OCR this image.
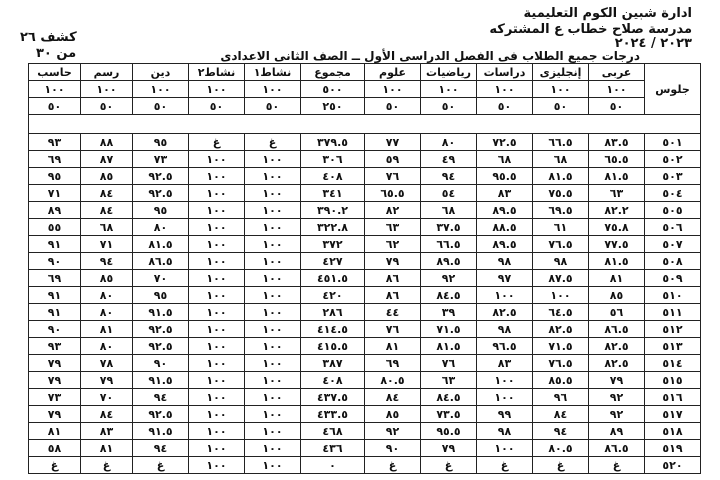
ادارة شبين الكوم التعليمية
مدرسة صلاح خطاب ع المشتركه
٢٠٢٣ / ٢٠٢٤
درجات جميع الطلاب فى الفصل الدراسى الأول ــ الصف الثانى الاعدادى
كشف ٢٦
من ٣٠
جلوس	عربى	إنجليزى	دراسات	رياضيات	علوم	مجموع	نشاط١	نشاط٢	دين	رسم	حاسب
	١٠٠	١٠٠	١٠٠	١٠٠	١٠٠	٥٠٠	١٠٠	١٠٠	١٠٠	١٠٠	١٠٠
	٥٠	٥٠	٥٠	٥٠	٥٠	٢٥٠	٥٠	٥٠	٥٠	٥٠	٥٠

٥٠١	٨٣.٥	٦٦.٥	٧٢.٥	٨٠	٧٧	٣٧٩.٥	غ	غ	٩٥	٨٨	٩٣
٥٠٢	٦٥.٥	٦٨	٦٨	٤٩	٥٩	٣٠٦	١٠٠	١٠٠	٧٣	٨٧	٦٩
٥٠٣	٨١.٥	٨١.٥	٩٥.٥	٩٤	٧٦	٤٠٨	١٠٠	١٠٠	٩٢.٥	٨٥	٩٥
٥٠٤	٦٣	٧٥.٥	٨٣	٥٤	٦٥.٥	٣٤١	١٠٠	١٠٠	٩٢.٥	٨٤	٧١
٥٠٥	٨٢.٢	٦٩.٥	٨٩.٥	٦٨	٨٢	٣٩٠.٢	١٠٠	١٠٠	٩٥	٨٤	٨٩
٥٠٦	٧٥.٨	٦١	٨٨.٥	٣٧.٥	٦٣	٣٢٢.٨	١٠٠	١٠٠	٨٠	٦٨	٥٥
٥٠٧	٧٧.٥	٧٦.٥	٨٩.٥	٦٦.٥	٦٢	٣٧٢	١٠٠	١٠٠	٨١.٥	٧١	٩١
٥٠٨	٨١.٥	٩٨	٩٨	٨٩.٥	٧٩	٤٢٧	١٠٠	١٠٠	٨٦.٥	٩٤	٩٠
٥٠٩	٨١	٨٧.٥	٩٧	٩٢	٨٦	٤٥١.٥	١٠٠	١٠٠	٧٠	٨٥	٦٩
٥١٠	٨٥	١٠٠	١٠٠	٨٤.٥	٨٦	٤٢٠	١٠٠	١٠٠	٩٥	٨٠	٩١
٥١١	٥٦	٦٤.٥	٨٢.٥	٣٩	٤٤	٢٨٦	١٠٠	١٠٠	٩١.٥	٨٠	٩١
٥١٢	٨٦.٥	٨٢.٥	٩٨	٧١.٥	٧٦	٤١٤.٥	١٠٠	١٠٠	٩٢.٥	٨١	٩٠
٥١٣	٨٢.٥	٧١.٥	٩٦.٥	٨١.٥	٨١	٤١٥.٥	١٠٠	١٠٠	٩٢.٥	٨٠	٩٣
٥١٤	٨٢.٥	٧٦.٥	٨٣	٧٦	٦٩	٣٨٧	١٠٠	١٠٠	٩٠	٧٨	٧٩
٥١٥	٧٩	٨٥.٥	١٠٠	٦٣	٨٠.٥	٤٠٨	١٠٠	١٠٠	٩١.٥	٧٩	٧٩
٥١٦	٩٢	٩٦	١٠٠	٨٤.٥	٨٤	٤٣٧.٥	١٠٠	١٠٠	٩٤	٧٠	٧٣
٥١٧	٩٢	٨٤	٩٩	٧٣.٥	٨٥	٤٣٣.٥	١٠٠	١٠٠	٩٢.٥	٨٤	٧٩
٥١٨	٨٩	٩٤	٩٨	٩٥.٥	٩٢	٤٦٨	١٠٠	١٠٠	٩١.٥	٨٣	٨١
٥١٩	٨٦.٥	٨٠.٥	١٠٠	٧٩	٩٠	٤٣٦	١٠٠	١٠٠	٩٤	٨١	٥٨
٥٢٠	غ	غ	غ	غ	غ	٠	١٠٠	١٠٠	غ	غ	غ
